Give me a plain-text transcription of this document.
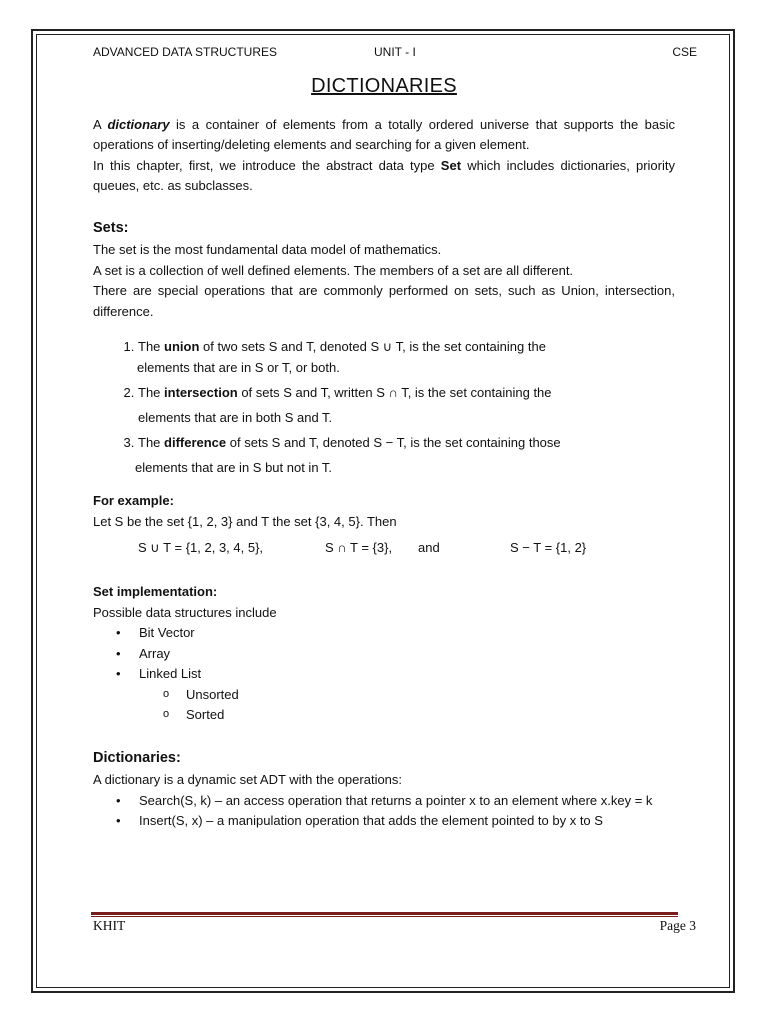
ADVANCED DATA STRUCTURES	UNIT - I	CSE
DICTIONARIES

A dictionary is a container of elements from a totally ordered universe that supports the basic operations of inserting/deleting elements and searching for a given element.

In this chapter, first, we introduce the abstract data type Set which includes dictionaries, priority queues, etc. as subclasses.

Sets:

The set is the most fundamental data model of mathematics.

A set is a collection of well defined elements. The members of a set are all different.

There are special operations that are commonly performed on sets, such as Union, intersection, difference.

1. The union of two sets S and T, denoted S ∪ T, is the set containing the
elements that are in S or T, or both.
2. The intersection of sets S and T, written S ∩ T, is the set containing the
elements that are in both S and T.
3. The difference of sets S and T, denoted S − T, is the set containing those
elements that are in S but not in T.

For example:

Let S be the set {1, 2, 3} and T the set {3, 4, 5}. Then

S ∪ T = {1, 2, 3, 4, 5},	S ∩ T = {3}, and	S − T = {1, 2}

Set implementation:

Possible data structures include

• Bit Vector
• Array
• Linked List
o Unsorted
o Sorted
Dictionaries:

A dictionary is a dynamic set ADT with the operations:

• Search(S, k) – an access operation that returns a pointer x to an element where x.key = k
• Insert(S, x) – a manipulation operation that adds the element pointed to by x to S
KHIT	Page 3
